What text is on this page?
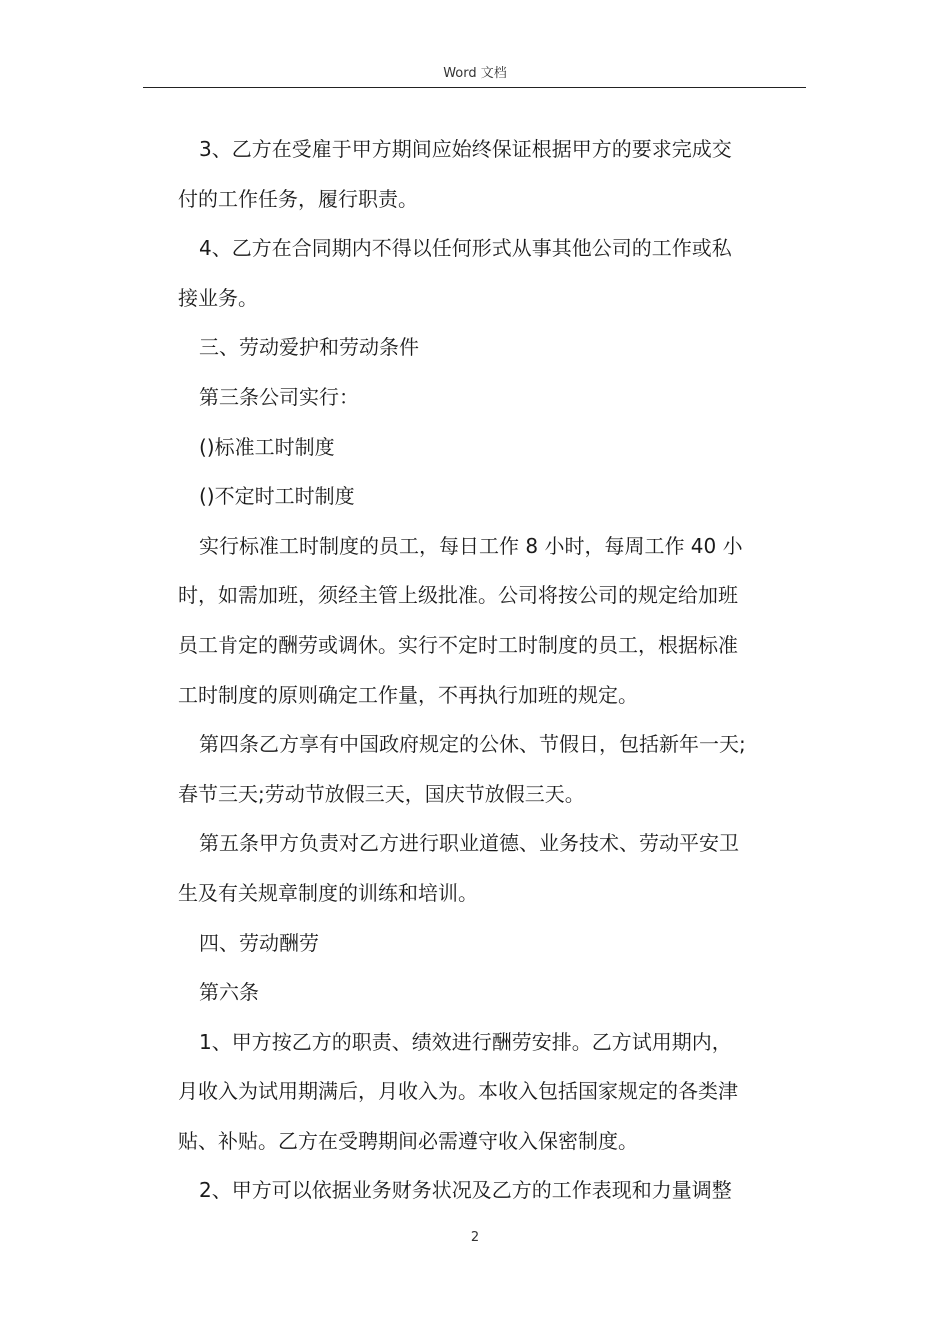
Word 文档

3、乙方在受雇于甲方期间应始终保证根据甲方的要求完成交

付的工作任务，履行职责。

4、乙方在合同期内不得以任何形式从事其他公司的工作或私

接业务。

三、劳动爱护和劳动条件

第三条公司实行：

()标准工时制度

()不定时工时制度

实行标准工时制度的员工，每日工作 8 小时，每周工作 40 小

时，如需加班，须经主管上级批准。公司将按公司的规定给加班

员工肯定的酬劳或调休。实行不定时工时制度的员工，根据标准

工时制度的原则确定工作量，不再执行加班的规定。

第四条乙方享有中国政府规定的公休、节假日，包括新年一天;

春节三天;劳动节放假三天，国庆节放假三天。

第五条甲方负责对乙方进行职业道德、业务技术、劳动平安卫

生及有关规章制度的训练和培训。

四、劳动酬劳

第六条

1、甲方按乙方的职责、绩效进行酬劳安排。乙方试用期内，

月收入为试用期满后，月收入为。本收入包括国家规定的各类津

贴、补贴。乙方在受聘期间必需遵守收入保密制度。

2、甲方可以依据业务财务状况及乙方的工作表现和力量调整

2
